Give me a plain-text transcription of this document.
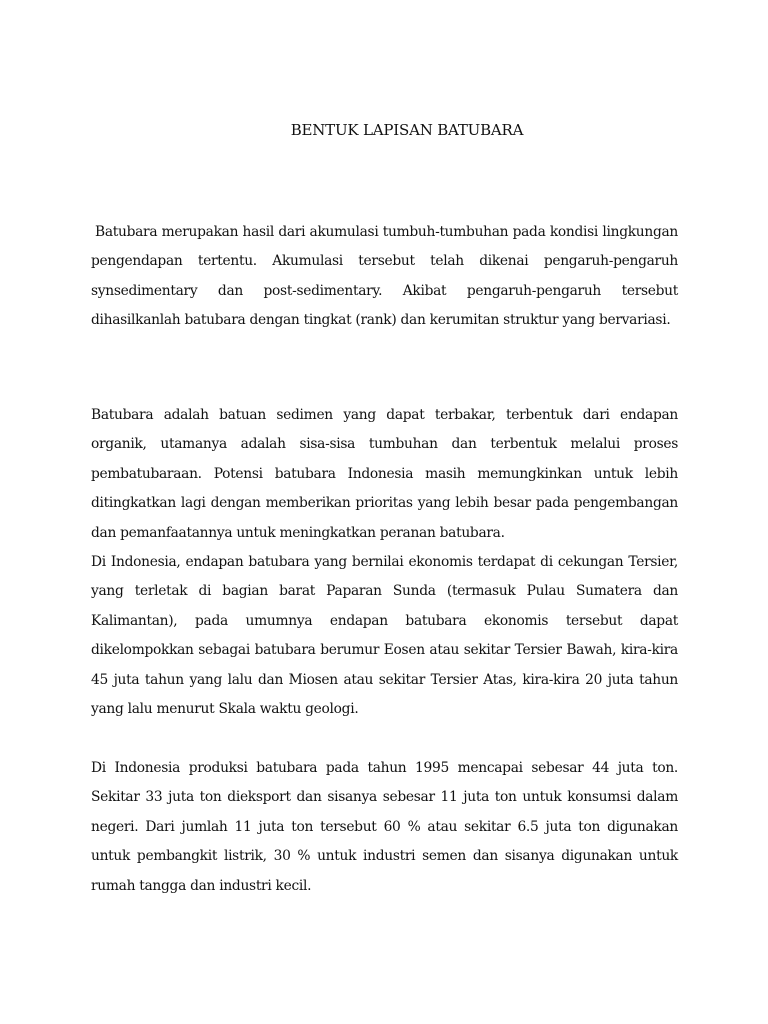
BENTUK LAPISAN BATUBARA

Batubara merupakan hasil dari akumulasi tumbuh-tumbuhan pada kondisi lingkungan pengendapan tertentu. Akumulasi tersebut telah dikenai pengaruh-pengaruh synsedimentary dan post-sedimentary. Akibat pengaruh-pengaruh tersebut dihasilkanlah batubara dengan tingkat (rank) dan kerumitan struktur yang bervariasi.

Batubara adalah batuan sedimen yang dapat terbakar, terbentuk dari endapan organik, utamanya adalah sisa-sisa tumbuhan dan terbentuk melalui proses pembatubaraan. Potensi batubara Indonesia masih memungkinkan untuk lebih ditingkatkan lagi dengan memberikan prioritas yang lebih besar pada pengembangan dan pemanfaatannya untuk meningkatkan peranan batubara.
Di Indonesia, endapan batubara yang bernilai ekonomis terdapat di cekungan Tersier, yang terletak di bagian barat Paparan Sunda (termasuk Pulau Sumatera dan Kalimantan), pada umumnya endapan batubara ekonomis tersebut dapat dikelompokkan sebagai batubara berumur Eosen atau sekitar Tersier Bawah, kira-kira 45 juta tahun yang lalu dan Miosen atau sekitar Tersier Atas, kira-kira 20 juta tahun yang lalu menurut Skala waktu geologi.

Di Indonesia produksi batubara pada tahun 1995 mencapai sebesar 44 juta ton. Sekitar 33 juta ton dieksport dan sisanya sebesar 11 juta ton untuk konsumsi dalam negeri. Dari jumlah 11 juta ton tersebut 60 % atau sekitar 6.5 juta ton digunakan untuk pembangkit listrik, 30 % untuk industri semen dan sisanya digunakan untuk rumah tangga dan industri kecil.
